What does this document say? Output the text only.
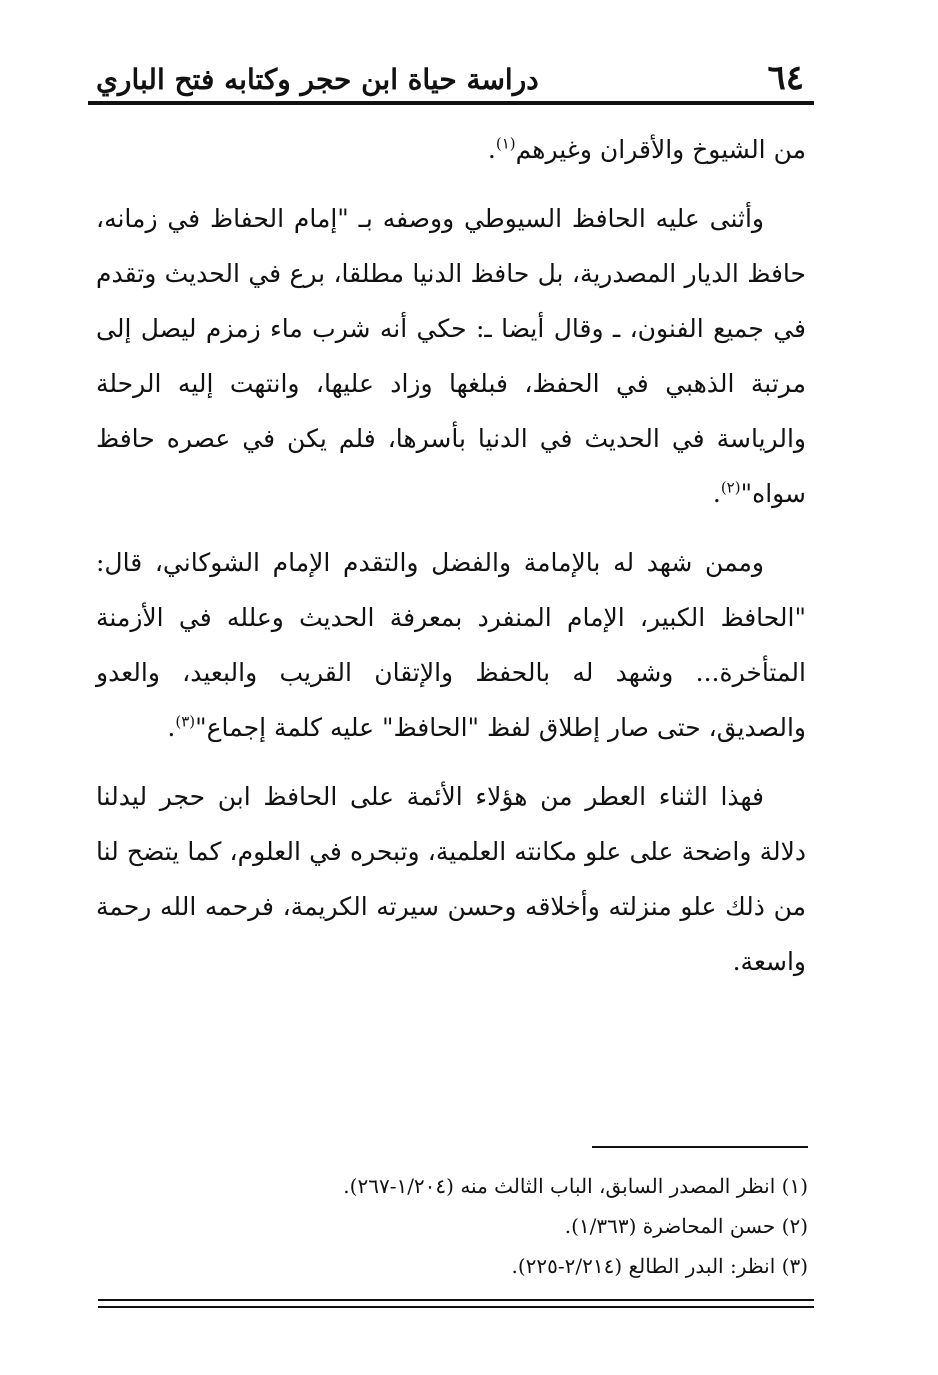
٦٤
دراسة حياة ابن حجر وكتابه فتح الباري

من الشيوخ والأقران وغيرهم$^{(١)}$.

وأثنى عليه الحافظ السيوطي ووصفه بـ "إمام الحفاظ في زمانه، حافظ الديار المصدرية، بل حافظ الدنيا مطلقا، برع في الحديث وتقدم في جميع الفنون، ـ وقال أيضا ـ: حكي أنه شرب ماء زمزم ليصل إلى مرتبة الذهبي في الحفظ، فبلغها وزاد عليها، وانتهت إليه الرحلة والرياسة في الحديث في الدنيا بأسرها، فلم يكن في عصره حافظ سواه"$^{(٢)}$.

وممن شهد له بالإمامة والفضل والتقدم الإمام الشوكاني، قال: "الحافظ الكبير، الإمام المنفرد بمعرفة الحديث وعلله في الأزمنة المتأخرة... وشهد له بالحفظ والإتقان القريب والبعيد، والعدو والصديق، حتى صار إطلاق لفظ "الحافظ" عليه كلمة إجماع"$^{(٣)}$.

فهذا الثناء العطر من هؤلاء الأئمة على الحافظ ابن حجر ليدلنا دلالة واضحة على علو مكانته العلمية، وتبحره في العلوم، كما يتضح لنا من ذلك علو منزلته وأخلاقه وحسن سيرته الكريمة، فرحمه الله رحمة واسعة.

(١) انظر المصدر السابق، الباب الثالث منه (١/٢٠٤-٢٦٧).
(٢) حسن المحاضرة (١/٣٦٣).
(٣) انظر: البدر الطالع (٢/٢١٤-٢٢٥).
